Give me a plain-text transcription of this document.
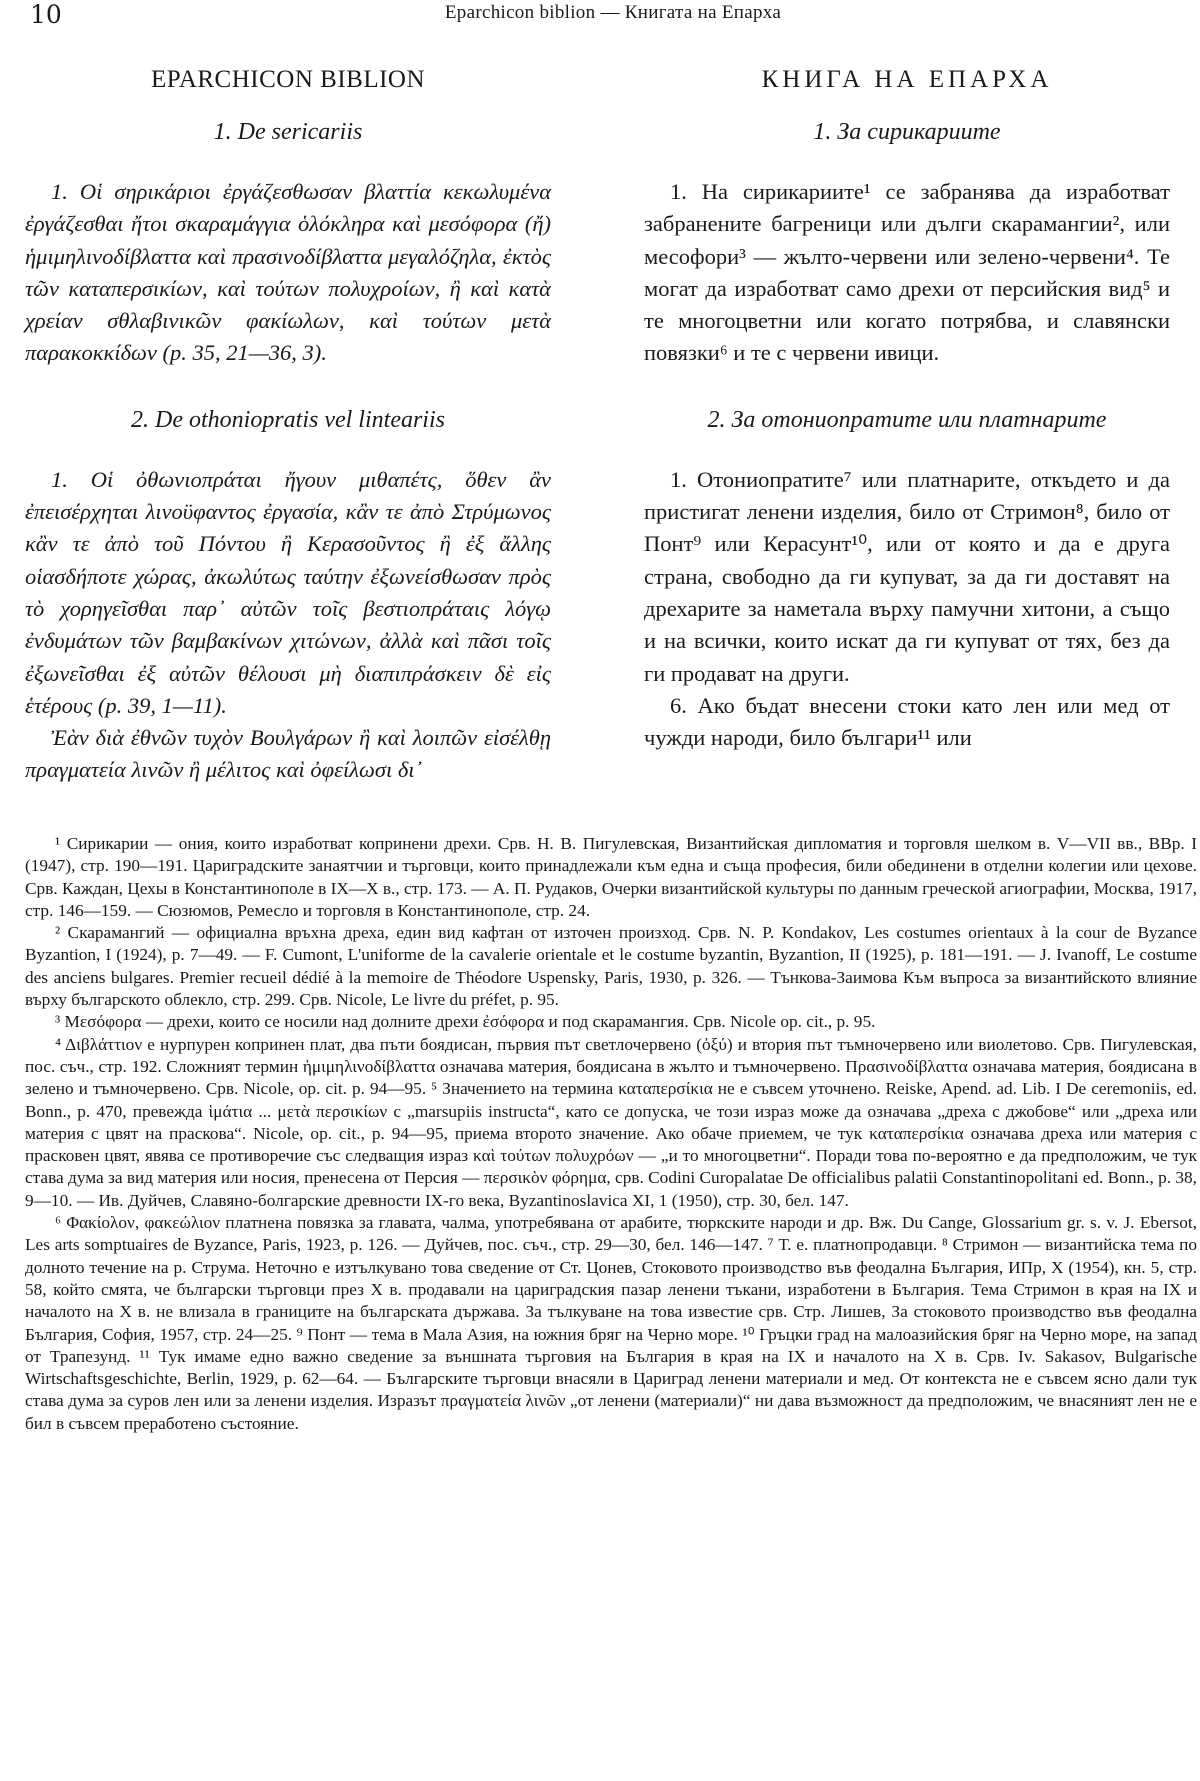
10	Eparchicon biblion — Книгата на Епарха
EPARCHICON BIBLION
1. De sericariis

1. Οἱ σηρικάριοι ἐργάζεσθωσαν βλαττία κεκωλυμένα ἐργάζεσθαι ἤτοι σκαραμάγγια ὁλόκληρα καὶ μεσόφορα (ἤ) ἡμιμηλινοδίβλαττα καὶ πρασινοδίβλαττα μεγαλόζηλα, ἐκτὸς τῶν καταπερσικίων, καὶ τούτων πολυχροίων, ἢ καὶ κατὰ χρείαν σθλαβινικῶν φακίωλων, καὶ τούτων μετὰ παρακοκκίδων (p. 35, 21—36, 3).

2. De othoniopratis vel lintеariis

1. Οἱ ὀθωνιοπράται ἤγουν μιθαπέτς, ὅθεν ἂν ἐπεισέρχηται λινοϋφαντος ἐργασία, κἂν τε ἀπὸ Στρύμωνος κἂν τε ἀπὸ τοῦ Πόντου ἢ Κερασοῦντος ἢ ἐξ ἄλλης οἱασδήποτε χώρας, ἀκωλύτως ταύτην ἐξωνείσθωσαν πρὸς τὸ χορηγεῖσθαι παρ᾽ αὐτῶν τοῖς βεστιοπράταις λόγῳ ἐνδυμάτων τῶν βαμβακίνων χιτώνων, ἀλλὰ καὶ πᾶσι τοῖς ἐξωνεῖσθαι ἐξ αὐτῶν θέλουσι μὴ διαπιπράσκειν δὲ εἰς ἑτέρους (p. 39, 1—11).

Ἐὰν διὰ ἐθνῶν τυχὸν Βουλγάρων ἢ καὶ λοιπῶν εἰσέλθῃ πραγματεία λινῶν ἢ μέλιτος καὶ ὀφείλωσι δι᾽

КНИГА НА ЕПАРХА
1. За сирикариите

1. На сирикариите¹ се забранява да изработват забранените багреници или дълги скарамангии², или месофори³ — жълто-червени или зелено-червени⁴. Те могат да изработват само дрехи от персийския вид⁵ и те многоцветни или когато потрябва, и славянски повязки⁶ и те с червени ивици.

2. За отониопратите или платнарите

1. Отониопратите⁷ или платнарите, откъдето и да пристигат ленени изделия, било от Стримон⁸, било от Понт⁹ или Керасунт¹⁰, или от която и да е друга страна, свободно да ги купуват, за да ги доставят на дрехарите за наметала върху памучни хитони, а също и на всички, които искат да ги купуват от тях, без да ги продават на други.

6. Ако бъдат внесени стоки като лен или мед от чужди народи, било българи¹¹ или

¹ Сирикарии — ония, които изработват копринени дрехи. Срв. Н. В. Пигулевская, Византийская дипломатия и торговля шелком в. V—VII вв., ВВр. I (1947), стр. 190—191. Цариградските занаятчии и търговци, които принадлежали към една и съща професия, били обединени в отделни колегии или цехове. Срв. Каждан, Цехы в Константинополе в IX—X в., стр. 173. — А. П. Рудаков, Очерки византийской культуры по данным греческой агиографии, Москва, 1917, стр. 146—159. — Сюзюмов, Ремесло и торговля в Константинополе, стр. 24.

² Скарамангий — официална връхна дреха, един вид кафтан от източен произход. Срв. N. P. Kondakov, Les costumes orientaux à la cour de Byzance Byzantion, I (1924), p. 7—49. — F. Cumont, L'uniforme de la cavalerie orientale et le costume byzantin, Byzantion, II (1925), p. 181—191. — J. Ivanoff, Le costume des anciens bulgares. Premier recueil dédié à la memoire de Théodore Uspensky, Paris, 1930, p. 326. — Тънкова-Заимова Към въпроса за византийското влияние върху българското облекло, стр. 299. Срв. Nicole, Le livre du préfet, p. 95.

³ Μεσόφορα — дрехи, които се носили над долните дрехи ἐσόφορα и под скарамангия. Срв. Nicole op. cit., p. 95.

⁴ Διβλάττιον е нурпурен копринен плат, два пъти боядисан, първия път светлочервено (ὀξύ) и втория път тъмночервено или виолетово. Срв. Пигулевская, пос. съч., стр. 192. Сложният термин ἡμιμηλινοδίβλαττα означава материя, боядисана в жълто и тъмночервено. Πρασινοδίβλαττα означава материя, боядисана в зелено и тъмночервено. Срв. Nicole, op. cit. p. 94—95. ⁵ Значението на термина καταπερσίκια не е съвсем уточнено. Reiske, Apend. ad. Lib. I De ceremoniis, ed. Bonn., p. 470, превежда ἱμάτια ... μετὰ περσικίων с „marsupiis instructa“, като се допуска, че този израз може да означава „дреха с джобове“ или „дреха или материя с цвят на праскова“. Nicole, op. cit., p. 94—95, приема второто значение. Ако обаче приемем, че тук καταπερσίκια означава дреха или материя с прасковен цвят, явява се противоречие със следващия израз καὶ τούτων πολυχρόων — „и то многоцветни“. Поради това по-вероятно е да предположим, че тук става дума за вид материя или носия, пренесена от Персия — περσικὸν φόρημα, срв. Codini Curopalatae De officialibus palatii Constantinopolitani ed. Bonn., p. 38, 9—10. — Ив. Дуйчев, Славяно-болгарские древности IX-го века, Byzantinoslavica XI, 1 (1950), стр. 30, бел. 147.

⁶ Φακίολον, φακεώλιον платнена повязка за главата, чалма, употребявана от арабите, тюркските народи и др. Вж. Du Cange, Glossarium gr. s. v. J. Ebersot, Les arts somptuaires de Byzance, Paris, 1923, p. 126. — Дуйчев, пос. съч., стр. 29—30, бел. 146—147. ⁷ Т. е. платнопродавци. ⁸ Стримон — византийска тема по долното течение на р. Струма. Неточно е изтълкувано това сведение от Ст. Цонев, Стоковото производство във феодална България, ИПр, X (1954), кн. 5, стр. 58, който смята, че български търговци през X в. продавали на цариградския пазар ленени тъкани, изработени в България. Тема Стримон в края на IX и началото на X в. не влизала в границите на българската държава. За тълкуване на това известие срв. Стр. Лишев, За стоковото производство във феодална България, София, 1957, стр. 24—25. ⁹ Понт — тема в Мала Азия, на южния бряг на Черно море. ¹⁰ Гръцки град на малоазийския бряг на Черно море, на запад от Трапезунд. ¹¹ Тук имаме едно важно сведение за външната търговия на България в края на IX и началото на X в. Срв. Iv. Sakasov, Bulgarische Wirtschaftsgeschichte, Berlin, 1929, p. 62—64. — Българските търговци внасяли в Цариград ленени материали и мед. От контекста не е съвсем ясно дали тук става дума за суров лен или за ленени изделия. Изразът πραγματεία λινῶν „от ленени (материали)“ ни дава възможност да предположим, че внасяният лен не е бил в съвсем преработено състояние.
